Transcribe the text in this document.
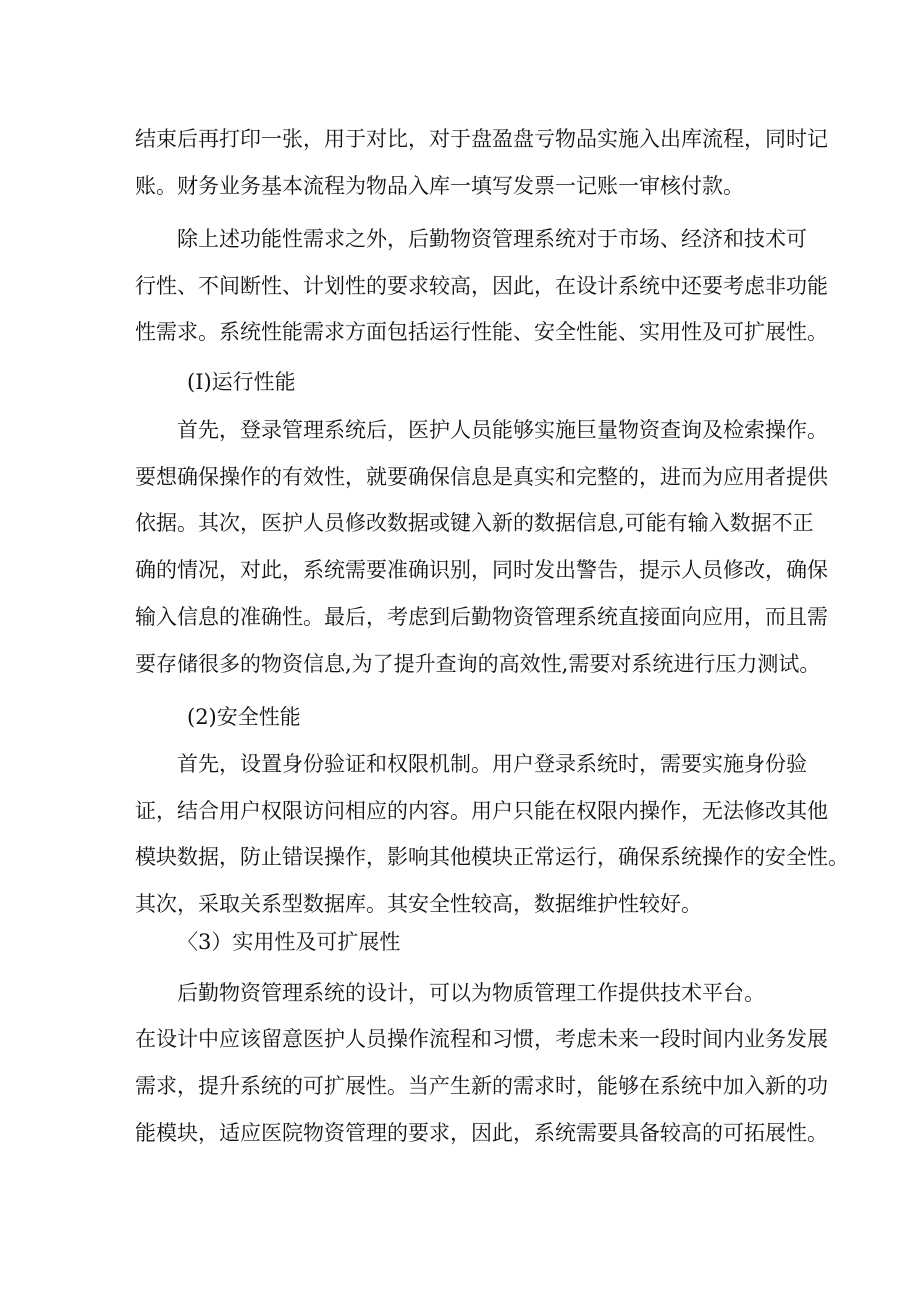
结束后再打印一张，用于对比，对于盘盈盘亏物品实施入出库流程，同时记
账。财务业务基本流程为物品入库一填写发票一记账一审核付款。
除上述功能性需求之外，后勤物资管理系统对于市场、经济和技术可
行性、不间断性、计划性的要求较高，因此，在设计系统中还要考虑非功能
性需求。系统性能需求方面包括运行性能、安全性能、实用性及可扩展性。
(I)运行性能
首先，登录管理系统后，医护人员能够实施巨量物资查询及检索操作。
要想确保操作的有效性，就要确保信息是真实和完整的，进而为应用者提供
依据。其次，医护人员修改数据或键入新的数据信息,可能有输入数据不正
确的情况，对此，系统需要准确识别，同时发出警告，提示人员修改，确保
输入信息的准确性。最后，考虑到后勤物资管理系统直接面向应用，而且需
要存储很多的物资信息,为了提升查询的高效性,需要对系统进行压力测试。
(2)安全性能
首先，设置身份验证和权限机制。用户登录系统时，需要实施身份验
证，结合用户权限访问相应的内容。用户只能在权限内操作，无法修改其他
模块数据，防止错误操作，影响其他模块正常运行，确保系统操作的安全性。
其次，采取关系型数据库。其安全性较高，数据维护性较好。
〈3）实用性及可扩展性
后勤物资管理系统的设计，可以为物质管理工作提供技术平台。
在设计中应该留意医护人员操作流程和习惯，考虑未来一段时间内业务发展
需求，提升系统的可扩展性。当产生新的需求时，能够在系统中加入新的功
能模块，适应医院物资管理的要求，因此，系统需要具备较高的可拓展性。
